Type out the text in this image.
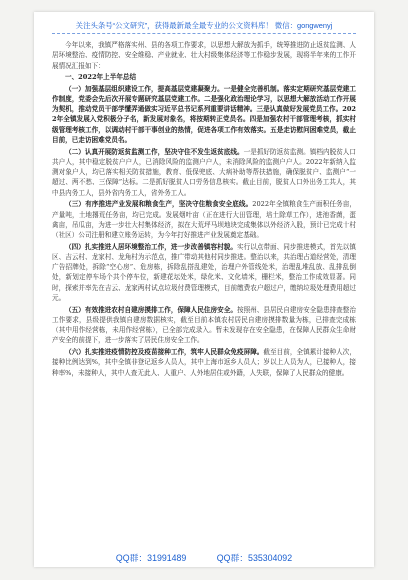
关注头条号“公文研究”，获得最新最全最专业的公文资料库！ 微信：gongwenyj

今年以来，我镇严格落实州、县的各项工作要求，以思想大解放为抓手，统筹推进防止返贫监测、人居环境整治、疫情防控、安全维稳、产业就业、壮大村级集体经济等工作稳步发展，现将半年来的工作开展情况汇报如下：

一、2022年上半年总结

（一）加强基层组织建设工作，提高基层党建凝聚力。一是健全完善机制。落实定期研究基层党建工作制度，党委会先后次开展专题研究基层党建工作。二是强化政治理论学习，以思想大解放活动工作开展为契机，推动党员干部学懂弄通做实习近平总书记系列重要讲话精神。三是认真做好发展党员工作。2022年全镇发展入党积极分子名，新发展对象名，将按期转正党员名。四是加强农村干部管理考核，抓实村级管理考核工作，以调动村干部干事创业的热情，促进各项工作有效落实。五是走访慰问困难党员，截止目前，已走访困难党员名。

（二）认真开展防返贫监测工作，坚决守住不发生返贫底线。一是抓好防返贫监测。镇档内脱贫人口共户人，其中稳定脱贫户户人，已消除风险的监测户户人，未消除风险的监测户户人。2022年新纳入监测对象户人，均已落实相关防贫措施，教育、低保兜底、大病补助等帮扶措施，确保脱贫户、监测户“一超过、两不愁、三保障”达标。二是抓好脱贫人口劳务信息核实。截止目前，脱贫人口外出务工共人，其中县内务工人，县外省内务工人，省外务工人。

（三）有序推进产业发展和粮食生产，坚决守住粮食安全底线。2022年全镇粮食生产面积任务亩，产量吨，土地撂荒任务亩，均已完成。发展烟叶亩（正在进行大田管理，培土除草工作），进池香菌，蛋禽亩，吊瓜亩，为进一步壮大村集体经济，拟在大荒坪马坝地块完成集体以外经济入股，预计已完成十村（社区）公司注册和建立账务运转，为今年打好推进产业发展奠定基础。

（四）扎实推进人居环境整治工作，进一步改善镇容村貌。实行以点带面、同步推进模式，首先以镇区、吉云村、龙家村、龙角村为示范点，推广带动其他村同步推进。整治以来，共治理占道经营处，清理广告招牌处，拆除“空心房”、危房栋，拆除乱搭乱建处，治理户外管线处米，治理乱堆乱放、乱排乱倒处，新划定停车场个共个停车位，新建花坛处米，绿化米、文化墙米，栅栏米，整治工作成效显著。同时，探索并率先在吉云、龙家两村试点垃圾付费管理模式，目前缴费农户超过户，缴纳垃圾处理费用超过元。

（五）有效推进农村自建房摸排工作，保障人民住房安全。按照州、县居民自建房安全隐患排查整治工作要求，县级提供我镇自建房数据核实，截至目前本镇农村居民自建房摸排数量为栋，已排查完成栋（其中用作经营栋，未用作经营栋），已全部完成录入。暂未发现存在安全隐患，在保障人民群众生命财产安全的前提下，进一步落实了居民住房安全工作。

（六）扎实推进疫情防控及疫苗接种工作，筑牢人民群众免疫屏障。截至目前，全镇累计接种人次，接种比例达到%，其中全镇非登记返乡人员人，其中上海市返乡人员人；岁以上人员为人，已接种人，接种率%，未接种人，其中人查无此人、人重户、人外地居住或外籍，人失联，保障了人民群众的健康。

QQ群：31991489	QQ群：535304092
